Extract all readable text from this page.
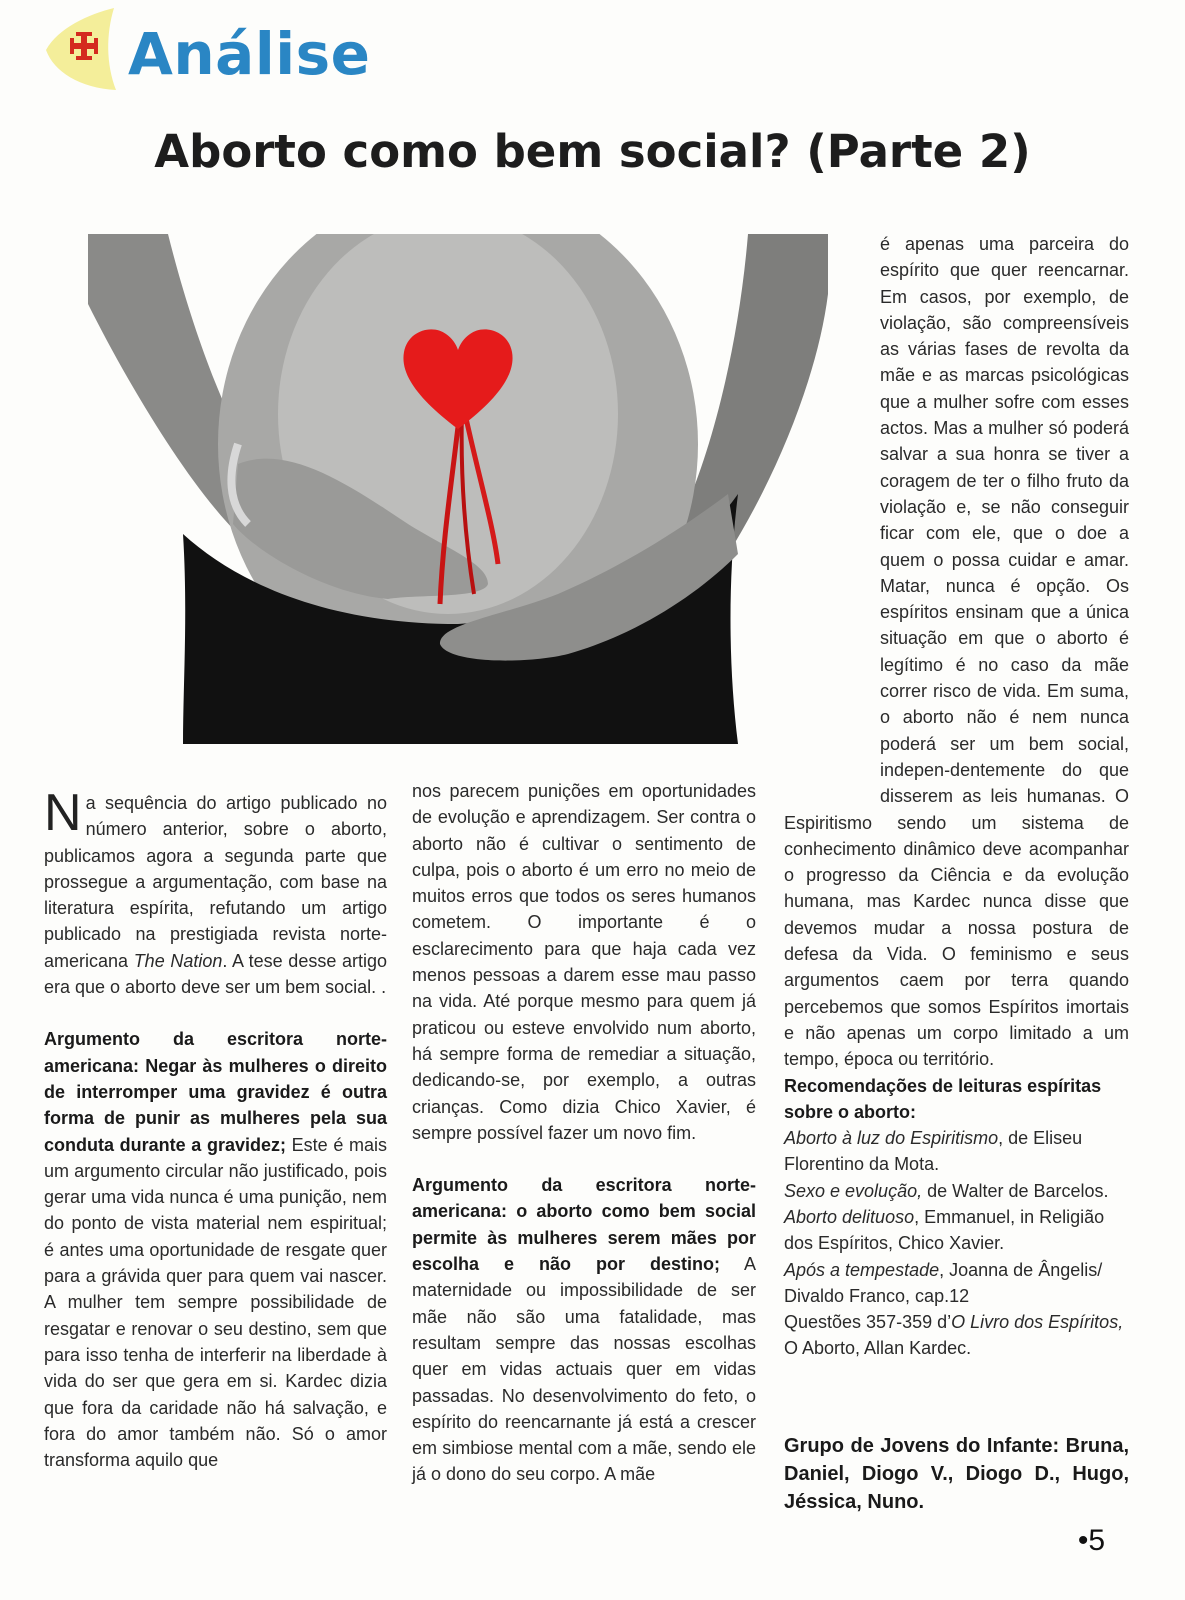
Análise
Aborto como bem social? (Parte 2)

Na sequência do artigo publicado no número anterior, sobre o aborto, publicamos agora a segunda parte que prossegue a argumentação, com base na literatura espírita, refutando um artigo publicado na prestigiada revista norte-americana The Nation. A tese desse artigo era que o aborto deve ser um bem social. .

Argumento da escritora norte-americana: Negar às mulheres o direito de interromper uma gravidez é outra forma de punir as mulheres pela sua conduta durante a gravidez; Este é mais um argumento circular não justificado, pois gerar uma vida nunca é uma punição, nem do ponto de vista material nem espiritual; é antes uma oportunidade de resgate quer para a grávida quer para quem vai nascer. A mulher tem sempre possibilidade de resgatar e renovar o seu destino, sem que para isso tenha de interferir na liberdade à vida do ser que gera em si. Kardec dizia que fora da caridade não há salvação, e fora do amor também não. Só o amor transforma aquilo que

nos parecem punições em oportunidades de evolução e aprendizagem. Ser contra o aborto não é cultivar o sentimento de culpa, pois o aborto é um erro no meio de muitos erros que todos os seres humanos cometem. O importante é o esclarecimento para que haja cada vez menos pessoas a darem esse mau passo na vida. Até porque mesmo para quem já praticou ou esteve envolvido num aborto, há sempre forma de remediar a situação, dedicando-se, por exemplo, a outras crianças. Como dizia Chico Xavier, é sempre possível fazer um novo fim.

Argumento da escritora norte-americana: o aborto como bem social permite às mulheres serem mães por escolha e não por destino; A maternidade ou impossibilidade de ser mãe não são uma fatalidade, mas resultam sempre das nossas escolhas quer em vidas actuais quer em vidas passadas. No desenvolvimento do feto, o espírito do reencarnante já está a crescer em simbiose mental com a mãe, sendo ele já o dono do seu corpo. A mãe

é apenas uma parceira do espírito que quer reencarnar. Em casos, por exemplo, de violação, são compreensíveis as várias fases de revolta da mãe e as marcas psicológicas que a mulher sofre com esses actos. Mas a mulher só poderá salvar a sua honra se tiver a coragem de ter o filho fruto da violação e, se não conseguir ficar com ele, que o doe a quem o possa cuidar e amar. Matar, nunca é opção. Os espíritos ensinam que a única situação em que o aborto é legítimo é no caso da mãe correr risco de vida. Em suma, o aborto não é nem nunca poderá ser um bem social, indepen-dentemente do que disserem as leis humanas. O Espiritismo sendo um sistema de conhecimento dinâmico deve acompanhar o progresso da Ciência e da evolução humana, mas Kardec nunca disse que devemos mudar a nossa postura de defesa da Vida. O feminismo e seus argumentos caem por terra quando percebemos que somos Espíritos imortais e não apenas um corpo limitado a um tempo, época ou território.

Recomendações de leituras espíritas sobre o aborto:

Aborto à luz do Espiritismo, de Eliseu Florentino da Mota.

Sexo e evolução, de Walter de Barcelos.

Aborto delituoso, Emmanuel, in Religião dos Espíritos, Chico Xavier.

Após a tempestade, Joanna de Ângelis/ Divaldo Franco, cap.12

Questões 357-359 d’O Livro dos Espíritos, O Aborto, Allan Kardec.

Grupo de Jovens do Infante: Bruna, Daniel, Diogo V., Diogo D., Hugo, Jéssica, Nuno.

•5
